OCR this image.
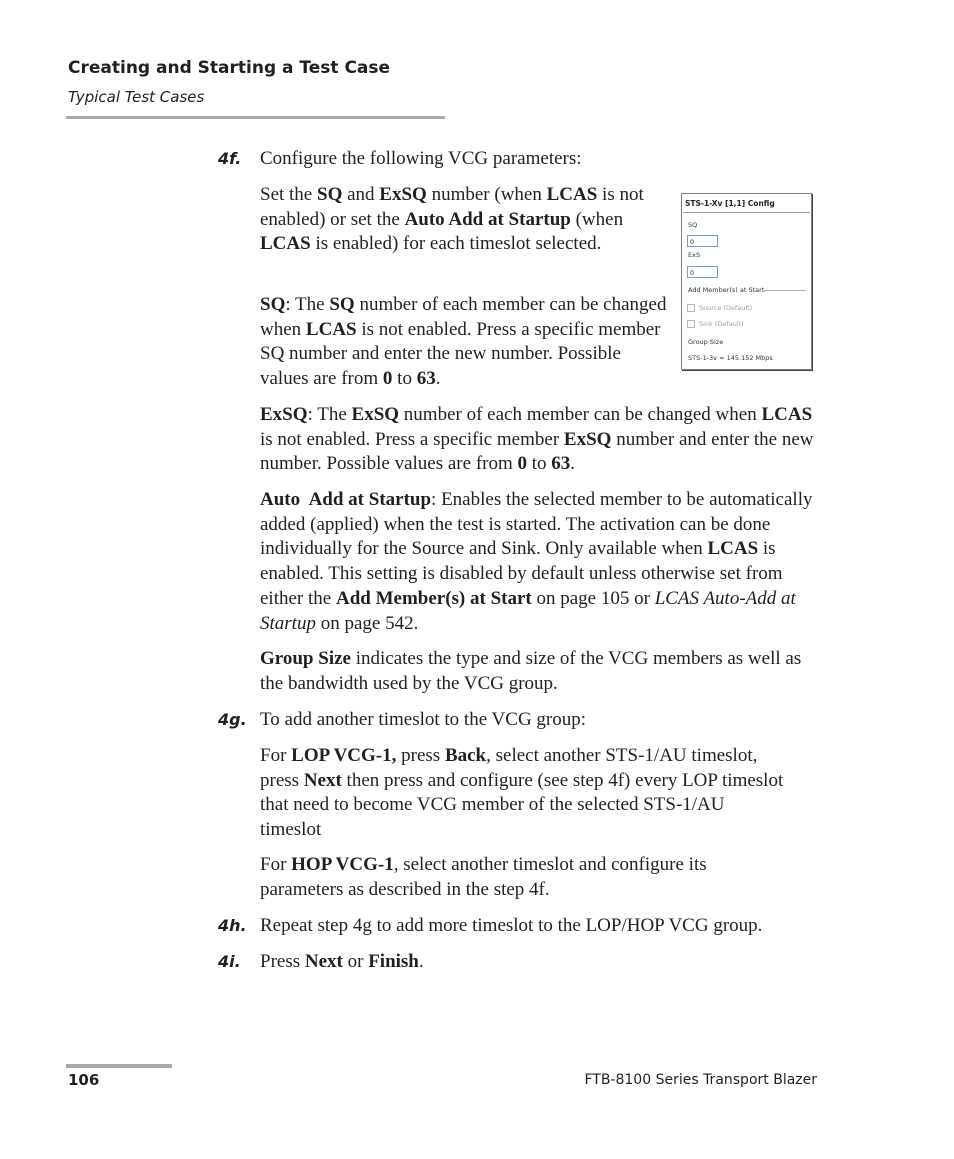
Creating and Starting a Test Case
Typical Test Cases
4f. Configure the following VCG parameters:
Set the SQ and ExSQ number (when LCAS is not enabled) or set the Auto Add at Startup (when LCAS is enabled) for each timeslot selected.
SQ: The SQ number of each member can be changed when LCAS is not enabled. Press a specific member SQ number and enter the new number. Possible values are from 0 to 63.
ExSQ: The ExSQ number of each member can be changed when LCAS is not enabled. Press a specific member ExSQ number and enter the new number. Possible values are from 0 to 63.
Auto  Add at Startup: Enables the selected member to be automatically added (applied) when the test is started. The activation can be done individually for the Source and Sink. Only available when LCAS is enabled. This setting is disabled by default unless otherwise set from either the Add Member(s) at Start on page 105 or LCAS Auto-Add at Startup on page 542.
Group Size indicates the type and size of the VCG members as well as the bandwidth used by the VCG group.
STS-1-Xv [1,1] Config
SQ
0
ExS
0
Add Member(s) at Start
Source (Default)
Sink (Default)
Group Size
STS-1-3v = 145.152 Mbps
4g. To add another timeslot to the VCG group:
For LOP VCG-1, press Back, select another STS-1/AU timeslot, press Next then press and configure (see step 4f) every LOP timeslot that need to become VCG member of the selected STS-1/AU timeslot
For HOP VCG-1, select another timeslot and configure its parameters as described in the step 4f.
4h. Repeat step 4g to add more timeslot to the LOP/HOP VCG group.
4i. Press Next or Finish.
106	FTB-8100 Series Transport Blazer
